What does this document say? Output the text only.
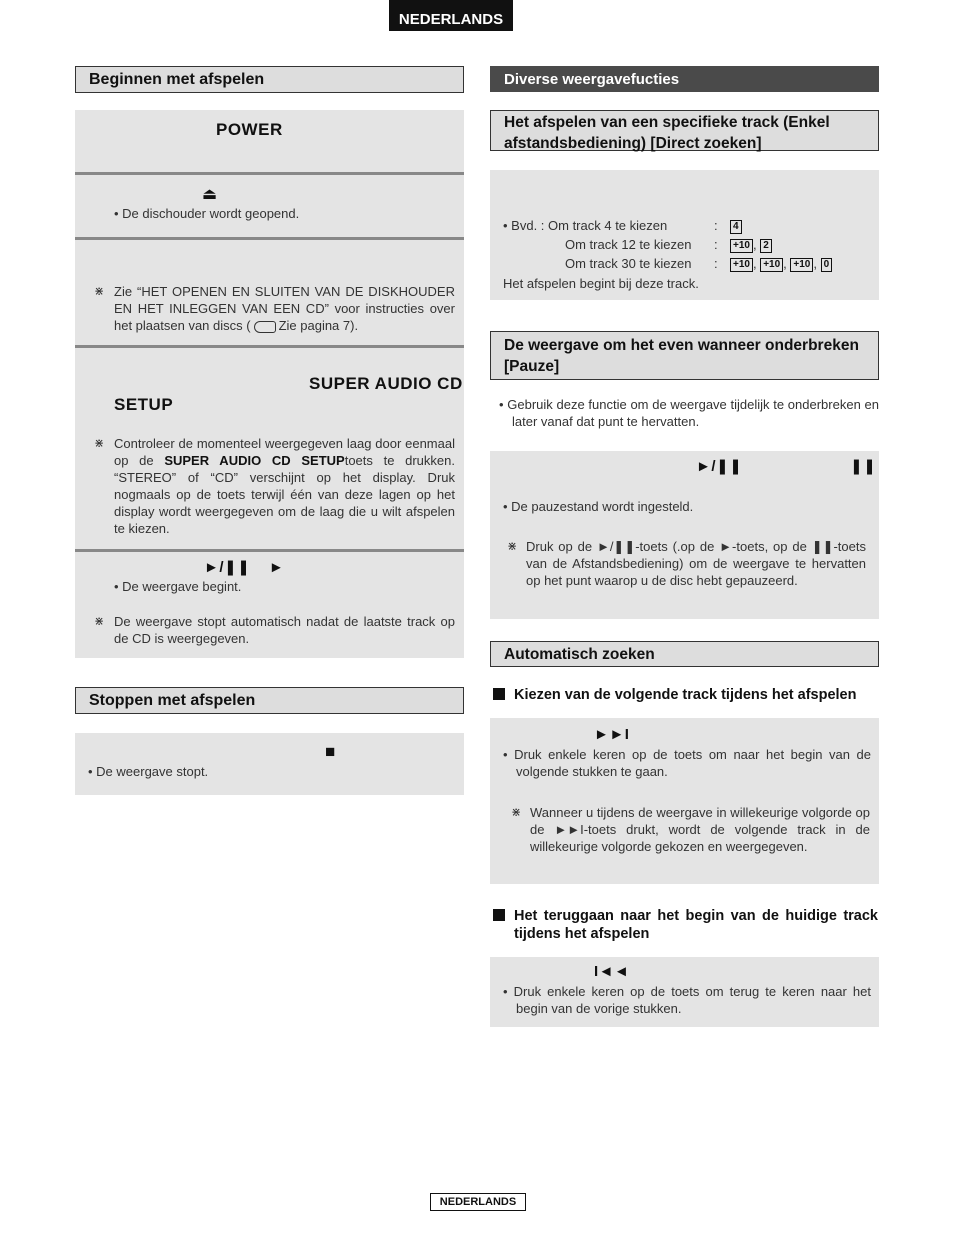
NEDERLANDS
Beginnen met afspelen
POWER
⏏
• De dischouder wordt geopend.
⋇ Zie “HET OPENEN EN SLUITEN VAN DE DISKHOUDER EN HET INLEGGEN VAN EEN CD” voor instructies over het plaatsen van discs ( Zie pagina 7).
SUPER AUDIO CD
SETUP
⋇ Controleer de momenteel weergegeven laag door eenmaal op de SUPER AUDIO CD SETUPtoets te drukken. “STEREO” of “CD” verschijnt op het display. Druk nogmaals op de toets terwijl één van deze lagen op het display wordt weergegeven om de laag die u wilt afspelen te kiezen.
►/❚❚    ►
• De weergave begint.
⋇ De weergave stopt automatisch nadat de laatste track op de CD is weergegeven.
Stoppen met afspelen
■
• De weergave stopt.
Diverse weergavefucties
Het afspelen van een specifieke track (Enkel afstandsbediening) [Direct zoeken]
• Bvd. : Om track 4 te kiezen
Om track 12 te kiezen
Om track 30 te kiezen
:
:
:
4
+10 , 2
+10 , +10 , +10 , 0
Het afspelen begint bij deze track.
De weergave om het even wanneer onderbreken [Pauze]
• Gebruik deze functie om de weergave tijdelijk te onderbreken en later vanaf dat punt te hervatten.
►/❚❚	❚❚
• De pauzestand wordt ingesteld.
⋇ Druk op de ►/❚❚-toets (.op de ►-toets, op de ❚❚-toets van de Afstandsbediening) om de weergave te hervatten op het punt waarop u de disc hebt gepauzeerd.
Automatisch zoeken
Kiezen van de volgende track tijdens het afspelen
►►I
• Druk enkele keren op de toets om naar het begin van de volgende stukken te gaan.
⋇ Wanneer u tijdens de weergave in willekeurige volgorde op de ►►I-toets drukt, wordt de volgende track in de willekeurige volgorde gekozen en weergegeven.
Het teruggaan naar het begin van de huidige track tijdens het afspelen
I◄◄
• Druk enkele keren op de toets om terug te keren naar het begin van de vorige stukken.
NEDERLANDS
